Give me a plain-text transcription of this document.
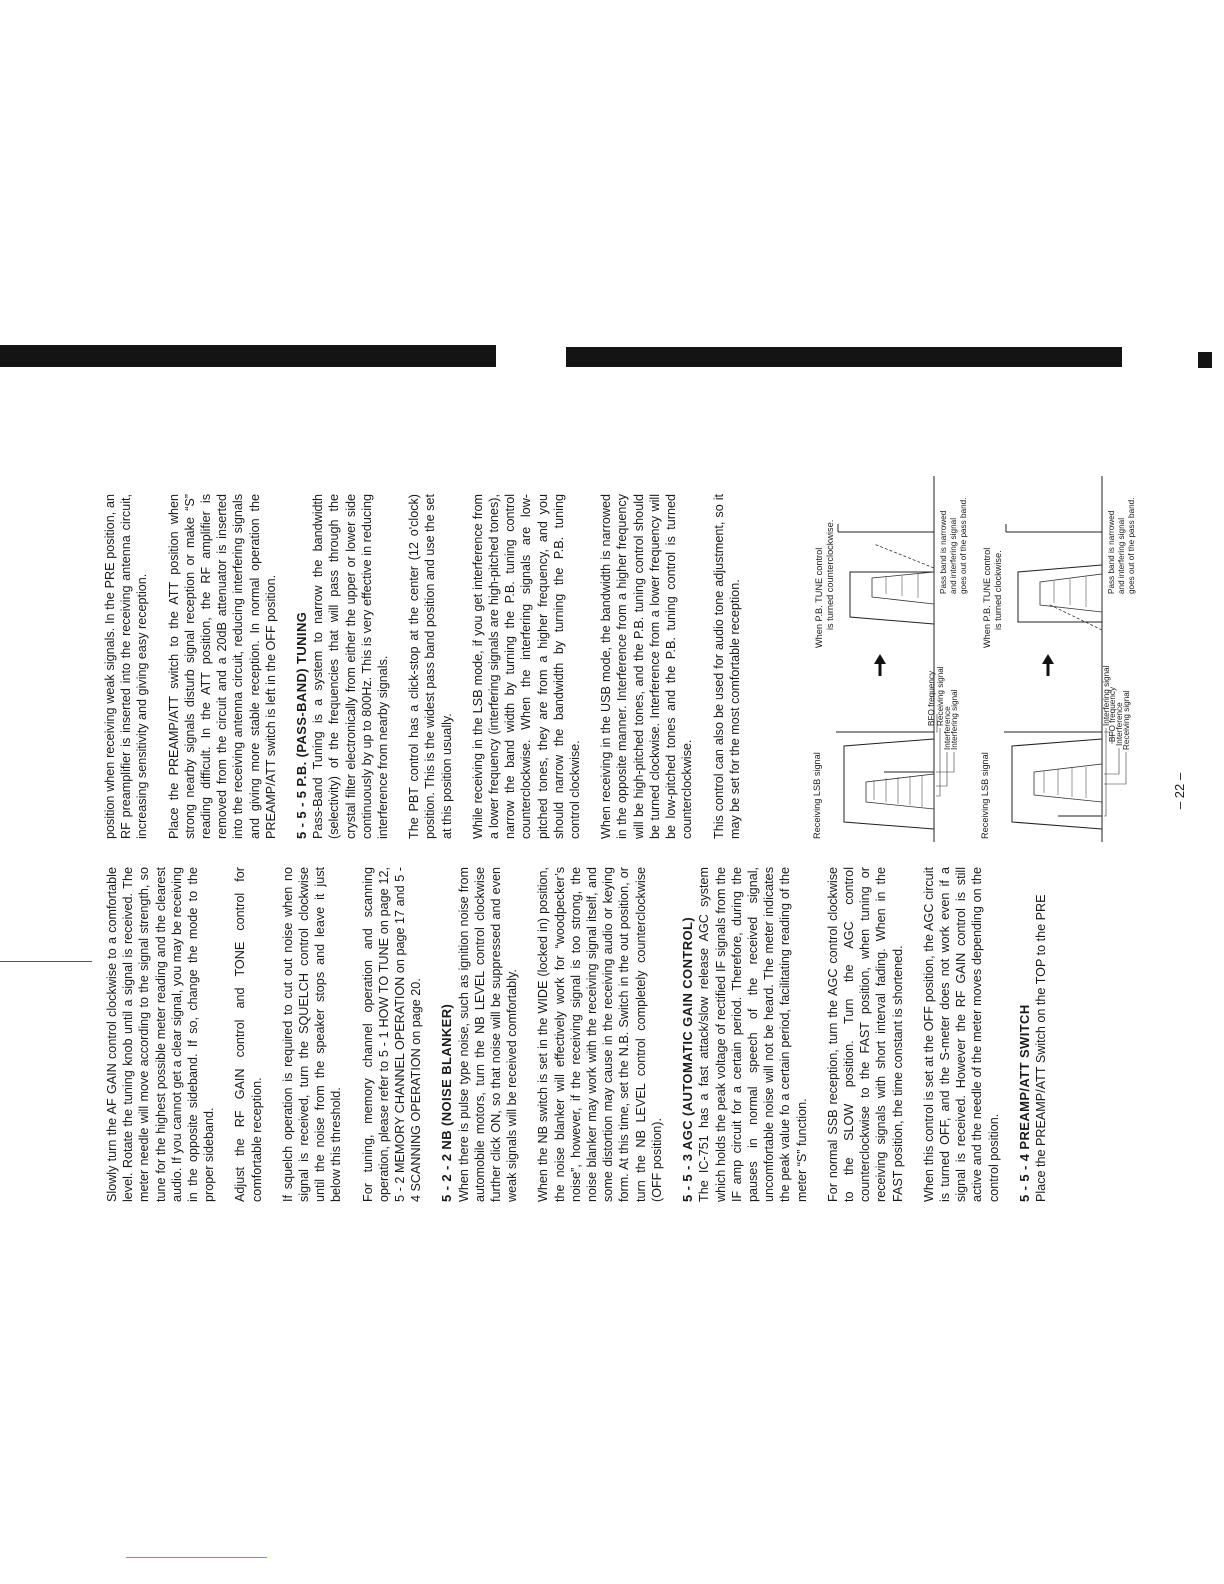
Slowly turn the AF GAIN control clockwise to a comfortable level. Rotate the tuning knob until a signal is received. The meter needle will move according to the signal strength, so tune for the highest possible meter reading and the clearest audio. If you cannot get a clear signal, you may be receiving in the opposite sideband. If so, change the mode to the proper sideband. Adjust the RF GAIN control and TONE control for comfortable reception. If squelch operation is required to cut out noise when no signal is received, turn the SQUELCH control clockwise until the noise from the speaker stops and leave it just below this threshold. For tuning, memory channel operation and scanning operation, please refer to 5 - 1 HOW TO TUNE on page 12, 5 - 2 MEMORY CHANNEL OPERATION on page 17 and 5 - 4 SCANNING OPERATION on page 20. 5 - 2 - 2 NB (NOISE BLANKER) When there is pulse type noise, such as ignition noise from automobile motors, turn the NB LEVEL control clockwise further click ON, so that noise will be suppressed and even weak signals will be received comfortably. When the NB switch is set in the WIDE (locked in) position, the noise blanker will effectively work for “woodpecker’s noise”, however, if the receiving signal is too strong, the noise blanker may work with the receiving signal itself, and some distortion may cause in the receiving audio or keying form. At this time, set the N.B. Switch in the out position, or turn the NB LEVEL control completely counterclockwise (OFF position). 5 - 5 - 3 AGC (AUTOMATIC GAIN CONTROL) The IC-751 has a fast attack/slow release AGC system which holds the peak voltage of rectified IF signals from the IF amp circuit for a certain period. Therefore, during the pauses in normal speech of the received signal, uncomfortable noise will not be heard. The meter indicates the peak value fo a certain period, facilitating reading of the meter “S” function. For normal SSB reception, turn the AGC control clockwise to the SLOW position. Turn the AGC control counterclockwise to the FAST position, when tuning or receiving signals with short interval fading. When in the FAST position, the time constant is shortened. When this control is set at the OFF position, the AGC circuit is turned OFF, and the S-meter does not work even if a signal is received. However the RF GAIN control is still active and the needle of the meter moves depending on the control position. 5 - 5 - 4 PREAMP/ATT SWITCH Place the PREAMP/ATT Switch on the TOP to the PRE

position when receiving weak signals. In the PRE position, an RF preamplifier is inserted into the receiving antenna circuit, increasing sensitivity and giving easy reception. Place the PREAMP/ATT switch to the ATT position when strong nearby signals disturb signal reception or make “S” reading difficult. In the ATT position, the RF amplifier is removed from the circuit and a 20dB attenuator is inserted into the receiving antenna circuit, reducing interfering signals and giving more stable reception. In normal operation the PREAMP/ATT switch is left in the OFF position. 5 - 5 - 5 P.B. (PASS-BAND) TUNING Pass-Band Tuning is a system to narrow the bandwidth (selectivity) of the frequencies that will pass through the crystal filter electronically from either the upper or lower side continuously by up to 800Hz. This is very effective in reducing interference from nearby signals. The PBT control has a click-stop at the center (12 o'clock) position. This is the widest pass band position and use the set at this position usually. While receiving in the LSB mode, if you get interference from a lower frequency (interfering signals are high-pitched tones), narrow the band width by turning the P.B. tuning control counterclockwise. When the interfering signals are low-pitched tones, they are from a higher frequency, and you should narrow the bandwidth by turning the P.B. tuning control clockwise. When receiving in the USB mode, the bandwidth is narrowed in the opposite manner. Interference from a higher frequency will be high-pitched tones, and the P.B. tuning control should be turned clockwise. Interference from a lower frequency will be low-pitched tones and the P.B. tuning control is turned counterclockwise. This control can also be used for audio tone adjustment, so it may be set for the most comfortable reception.	Receiving LSB signal
Interfering signal
Interference
Receiving signal
BFO frequency
When P.B. TUNE control is turned counterclockwise.	Pass band is narrowed and interfering signal goes out of the pass band.
Receiving LSB signal
Receiving signal
Interference
BFO frequency
Interfering signal
When P.B. TUNE control is turned clockwise.	Pass band is narrowed and interfering signal goes out of the pass band.
– 22 –
